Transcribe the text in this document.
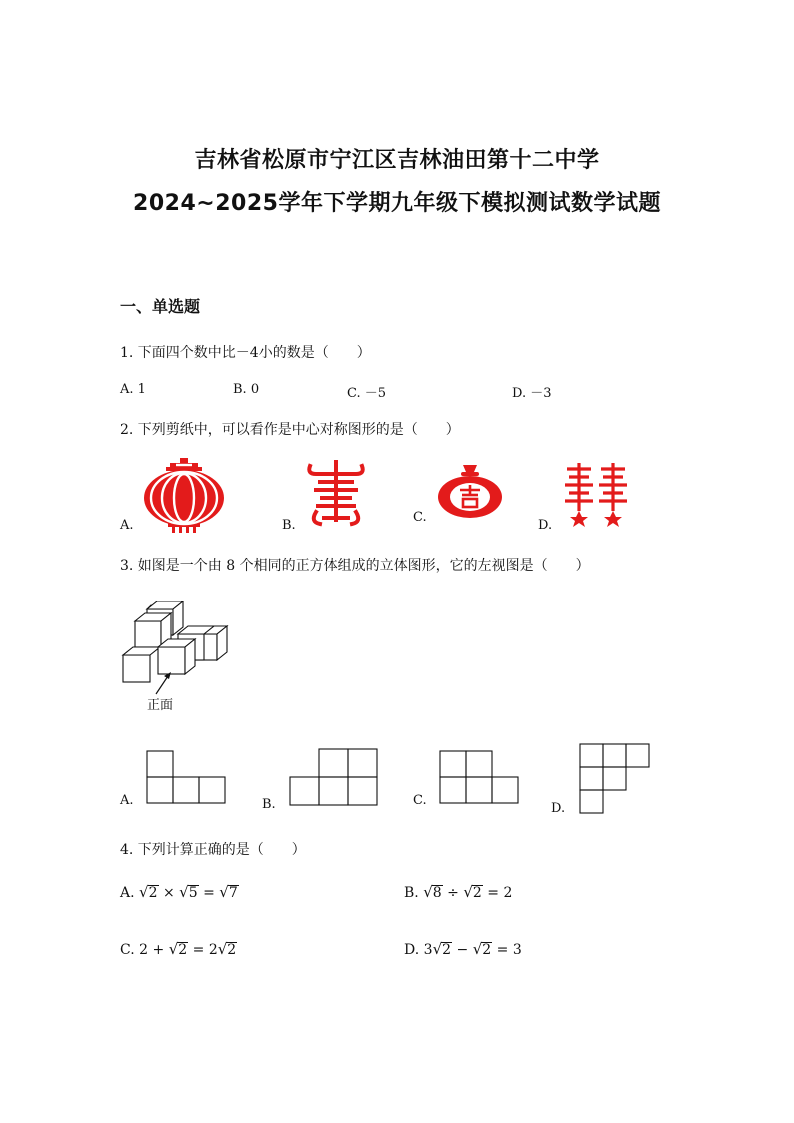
吉林省松原市宁江区吉林油田第十二中学
2024~2025学年下学期九年级下模拟测试数学试题
一、单选题
1. 下面四个数中比－4小的数是（　　）
A. 1	B. 0	C. －5	D. －3
2. 下列剪纸中，可以看作是中心对称图形的是（　　）
A.	B.
C.
D.
3. 如图是一个由 8 个相同的正方体组成的立体图形，它的左视图是（　　）
正面
A.	B.	C.
D.
4. 下列计算正确的是（　　）
A. √2 × √5 = √7	B. √8 ÷ √2 = 2
C. 2 + √2 = 2√2	D. 3√2 − √2 = 3
